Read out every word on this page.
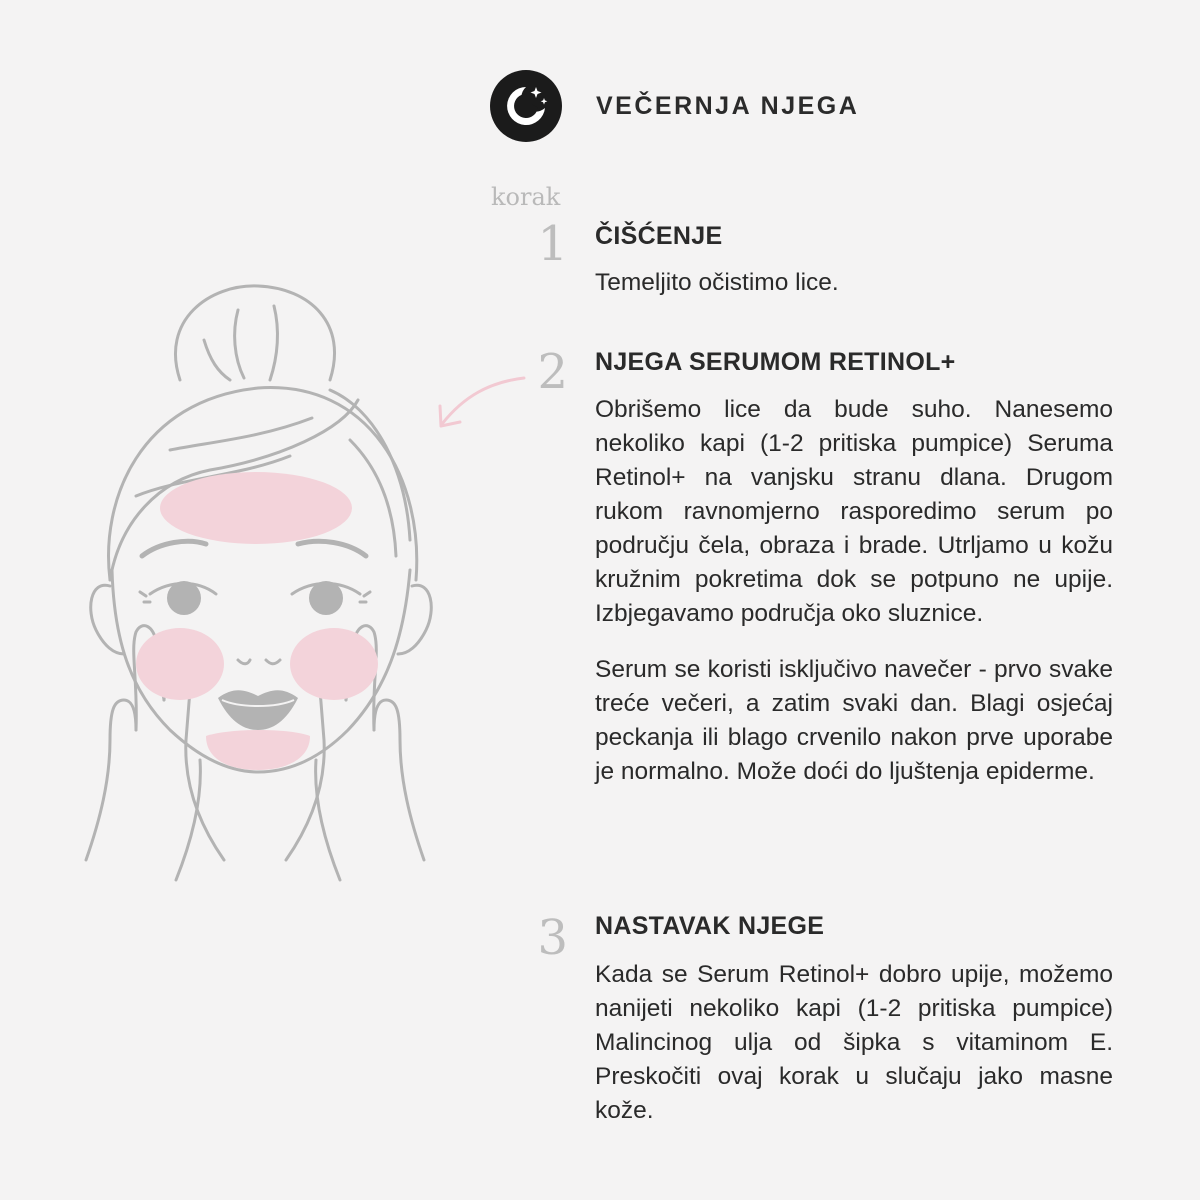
VEČERNJA NJEGA
korak
1 ČIŠĆENJE

Temeljito očistimo lice.

2 NJEGA SERUMOM RETINOL+

Obrišemo lice da bude suho. Nanesemo nekoliko kapi (1-2 pritiska pumpice) Seruma Retinol+ na vanjsku stranu dlana. Drugom rukom ravnomjerno rasporedimo serum po području čela, obraza i brade. Utrljamo u kožu kružnim pokretima dok se potpuno ne upije. Izbjegavamo područja oko sluznice.

Serum se koristi isključivo navečer - prvo svake treće večeri, a zatim svaki dan. Blagi osjećaj peckanja ili blago crvenilo nakon prve uporabe je normalno. Može doći do ljuštenja epiderme.

3 NASTAVAK NJEGE

Kada se Serum Retinol+ dobro upije, možemo nanijeti nekoliko kapi (1-2 pritiska pumpice) Malincinog ulja od šipka s vitaminom E. Preskočiti ovaj korak u slučaju jako masne kože.
